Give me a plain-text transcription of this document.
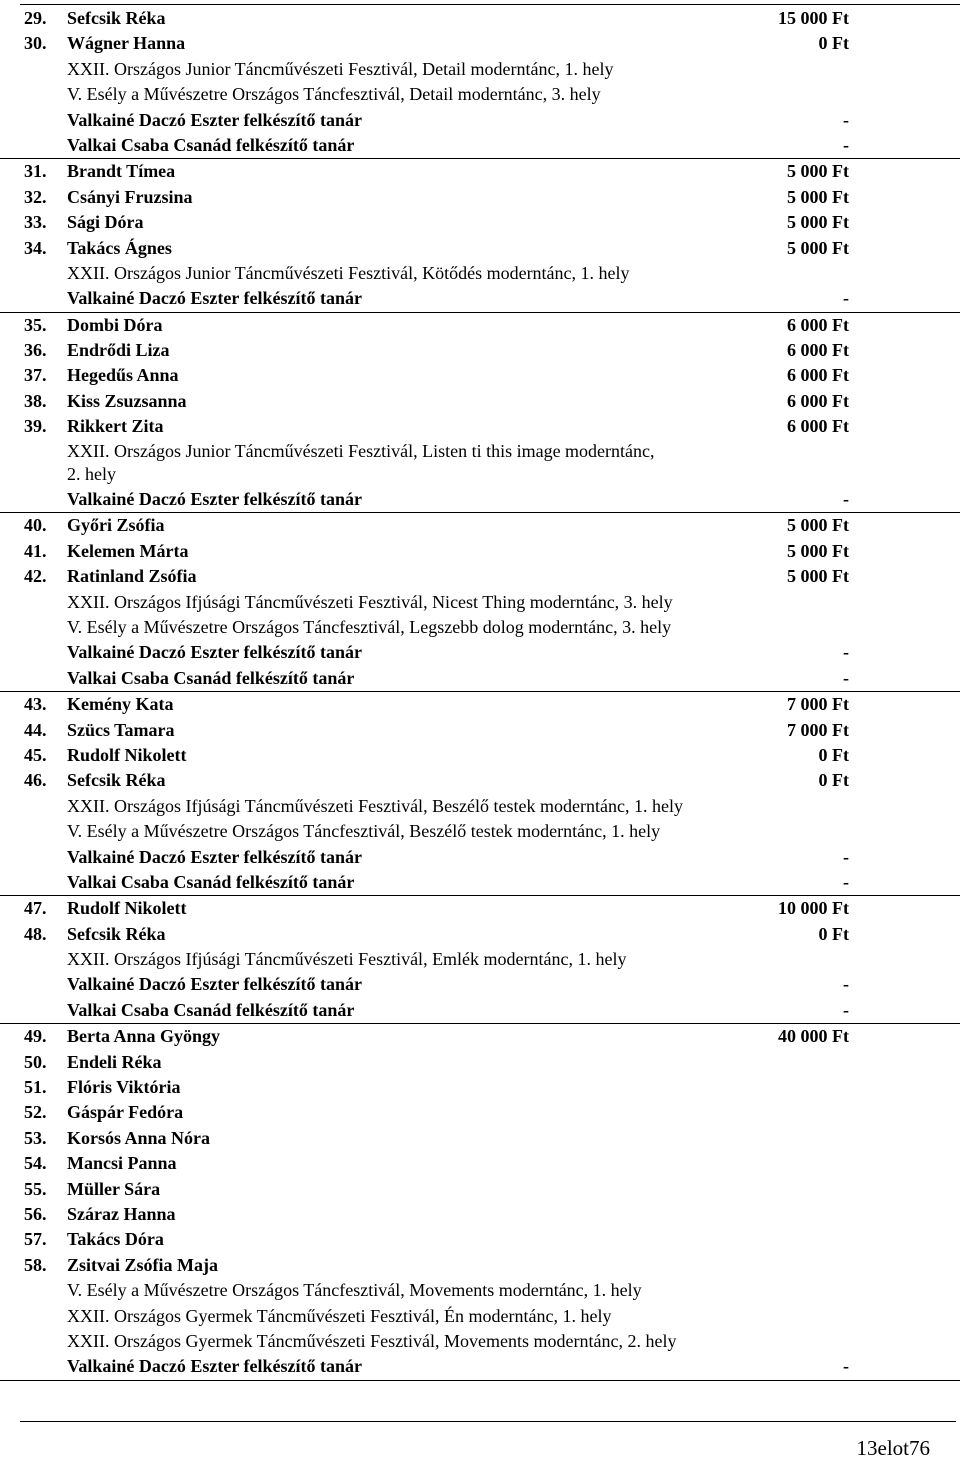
29. Sefcsik Réka	15 000 Ft
30. Wágner Hanna	0 Ft
XXII. Országos Junior Táncművészeti Fesztivál, Detail moderntánc, 1. hely
V. Esély a Művészetre Országos Táncfesztivál, Detail moderntánc, 3. hely
Valkainé Daczó Eszter felkészítő tanár	-
Valkai Csaba Csanád felkészítő tanár	-
31. Brandt Tímea	5 000 Ft
32. Csányi Fruzsina	5 000 Ft
33. Sági Dóra	5 000 Ft
34. Takács Ágnes	5 000 Ft
XXII. Országos Junior Táncművészeti Fesztivál, Kötődés moderntánc, 1. hely
Valkainé Daczó Eszter felkészítő tanár	-
35. Dombi Dóra	6 000 Ft
36. Endrődi Liza	6 000 Ft
37. Hegedűs Anna	6 000 Ft
38. Kiss Zsuzsanna	6 000 Ft
39. Rikkert Zita	6 000 Ft
XXII. Országos Junior Táncművészeti Fesztivál, Listen ti this image moderntánc,
2. hely
Valkainé Daczó Eszter felkészítő tanár	-
40. Győri Zsófia	5 000 Ft
41. Kelemen Márta	5 000 Ft
42. Ratinland Zsófia	5 000 Ft
XXII. Országos Ifjúsági Táncművészeti Fesztivál, Nicest Thing moderntánc, 3. hely
V. Esély a Művészetre Országos Táncfesztivál, Legszebb dolog moderntánc, 3. hely
Valkainé Daczó Eszter felkészítő tanár	-
Valkai Csaba Csanád felkészítő tanár	-
43. Kemény Kata	7 000 Ft
44. Szücs Tamara	7 000 Ft
45. Rudolf Nikolett	0 Ft
46. Sefcsik Réka	0 Ft
XXII. Országos Ifjúsági Táncművészeti Fesztivál, Beszélő testek moderntánc, 1. hely
V. Esély a Művészetre Országos Táncfesztivál, Beszélő testek moderntánc, 1. hely
Valkainé Daczó Eszter felkészítő tanár	-
Valkai Csaba Csanád felkészítő tanár	-
47. Rudolf Nikolett	10 000 Ft
48. Sefcsik Réka	0 Ft
XXII. Országos Ifjúsági Táncművészeti Fesztivál, Emlék moderntánc, 1. hely
Valkainé Daczó Eszter felkészítő tanár	-
Valkai Csaba Csanád felkészítő tanár	-
49. Berta Anna Gyöngy	40 000 Ft
50. Endeli Réka
51. Flóris Viktória
52. Gáspár Fedóra
53. Korsós Anna Nóra
54. Mancsi Panna
55. Müller Sára
56. Száraz Hanna
57. Takács Dóra
58. Zsitvai Zsófia Maja
V. Esély a Művészetre Országos Táncfesztivál, Movements moderntánc, 1. hely
XXII. Országos Gyermek Táncművészeti Fesztivál, Én moderntánc, 1. hely
XXII. Országos Gyermek Táncművészeti Fesztivál, Movements moderntánc, 2. hely
Valkainé Daczó Eszter felkészítő tanár	-
13elot76
